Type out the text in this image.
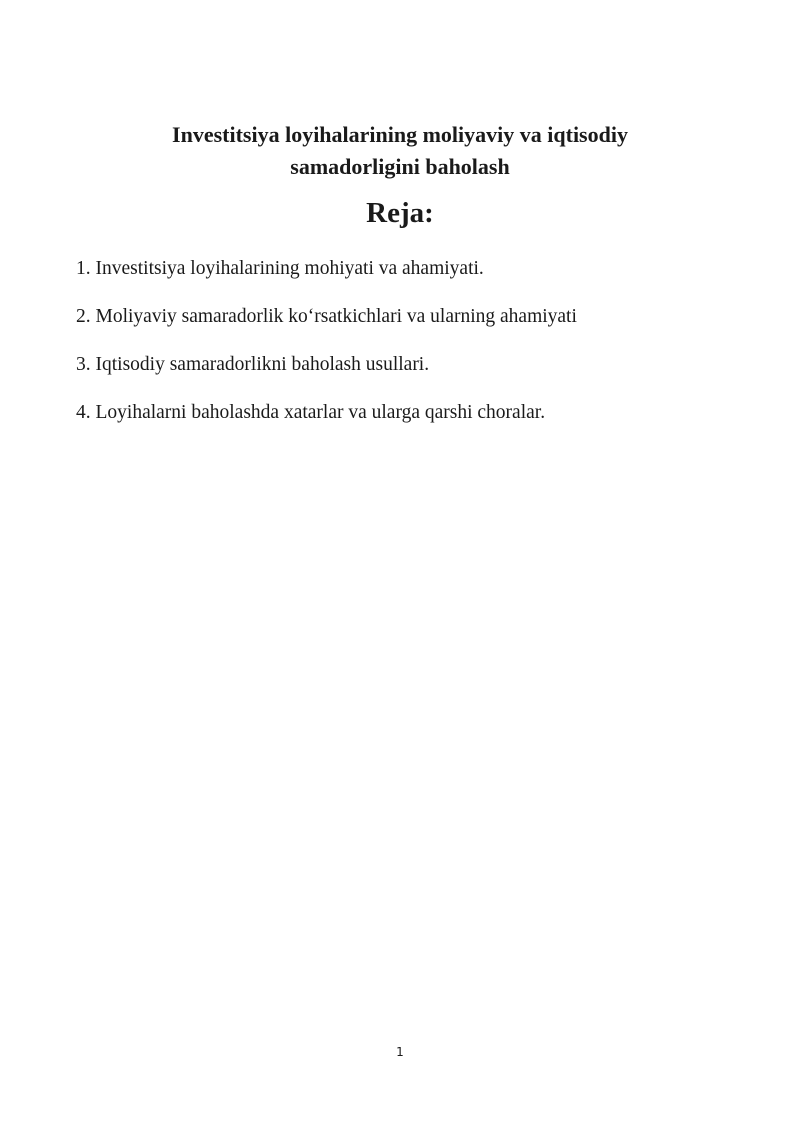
Investitsiya loyihalarining moliyaviy va iqtisodiy
samadorligini baholash
Reja:
1. Investitsiya loyihalarining mohiyati va ahamiyati.
2. Moliyaviy samaradorlik ko‘rsatkichlari va ularning ahamiyati
3. Iqtisodiy samaradorlikni baholash usullari.
4. Loyihalarni baholashda xatarlar va ularga qarshi choralar.
1
